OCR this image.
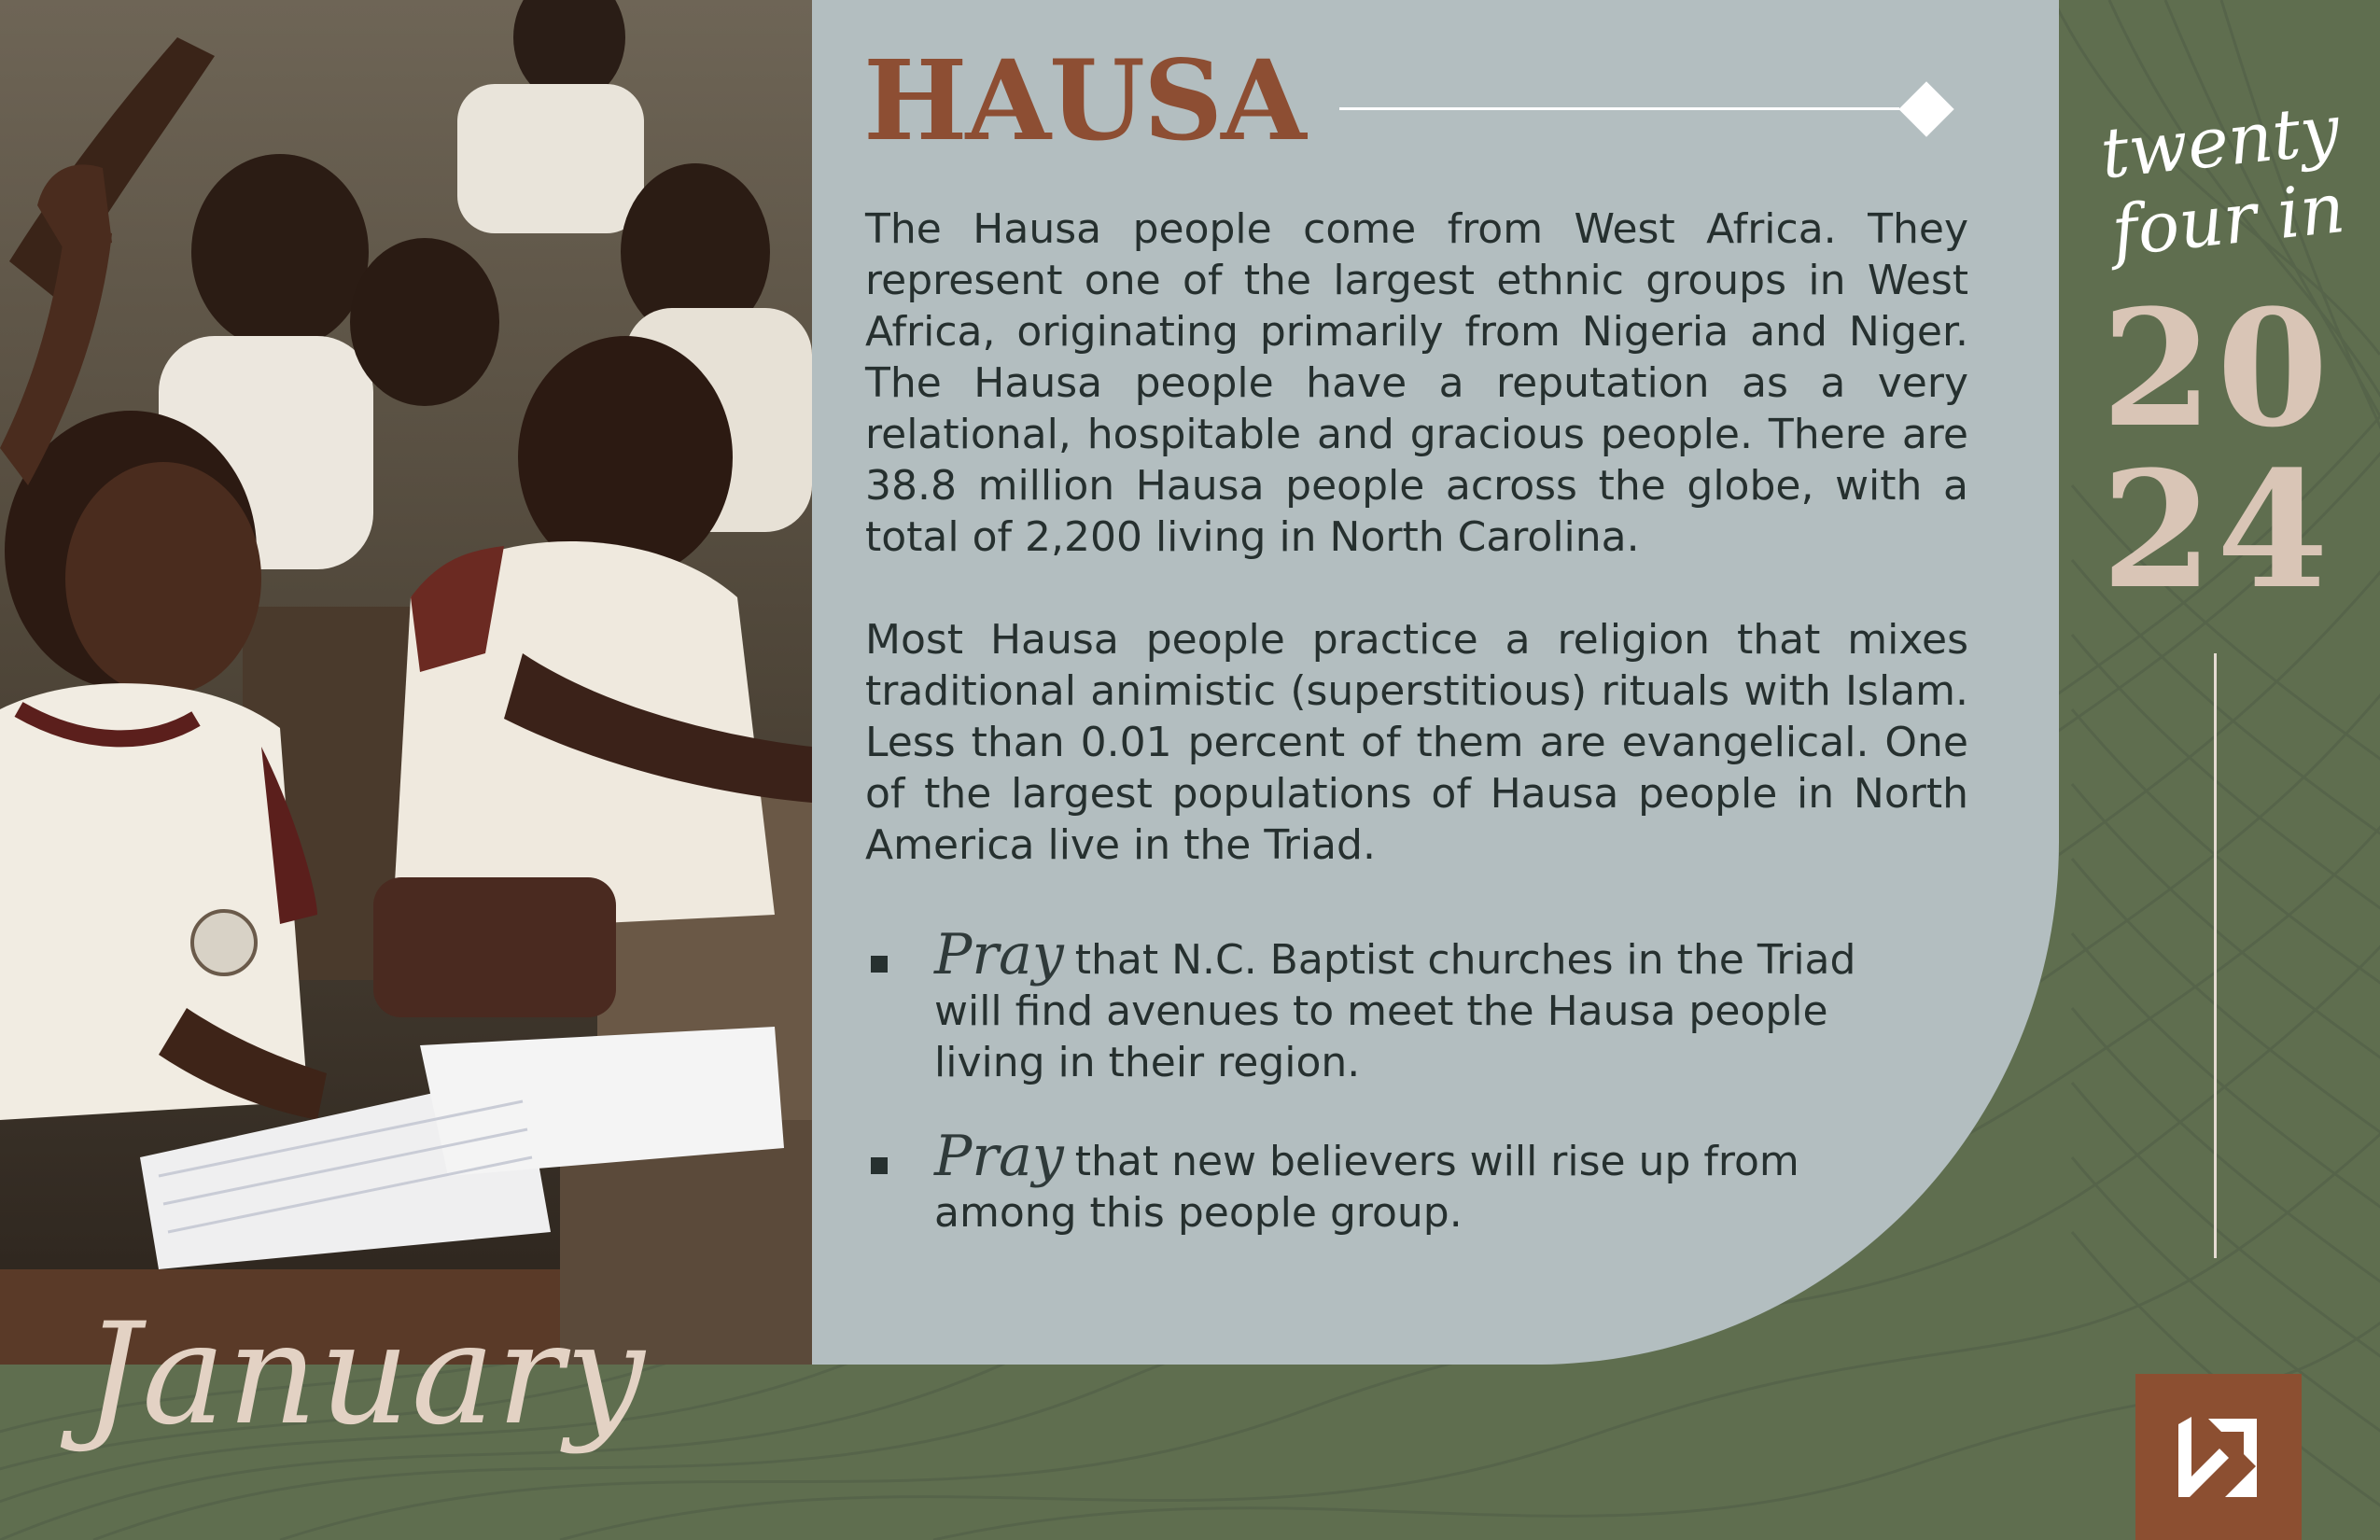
HAUSA

The Hausa people come from West Africa. They represent one of the largest ethnic groups in West Africa, originating primarily from Nigeria and Niger. The Hausa people have a reputation as a very relational, hospitable and gracious people. There are 38.8 million Hausa people across the globe, with a total of 2,200 living in North Carolina.

Most Hausa people practice a religion that mixes traditional animistic (superstitious) rituals with Islam. Less than 0.01 percent of them are evangelical. One of the largest populations of Hausa people in North America live in the Triad.

Pray that N.C. Baptist churches in the Triad will find avenues to meet the Hausa people living in their region.
Pray that new believers will rise up from among this people group.
twenty
four in
20
24

January
